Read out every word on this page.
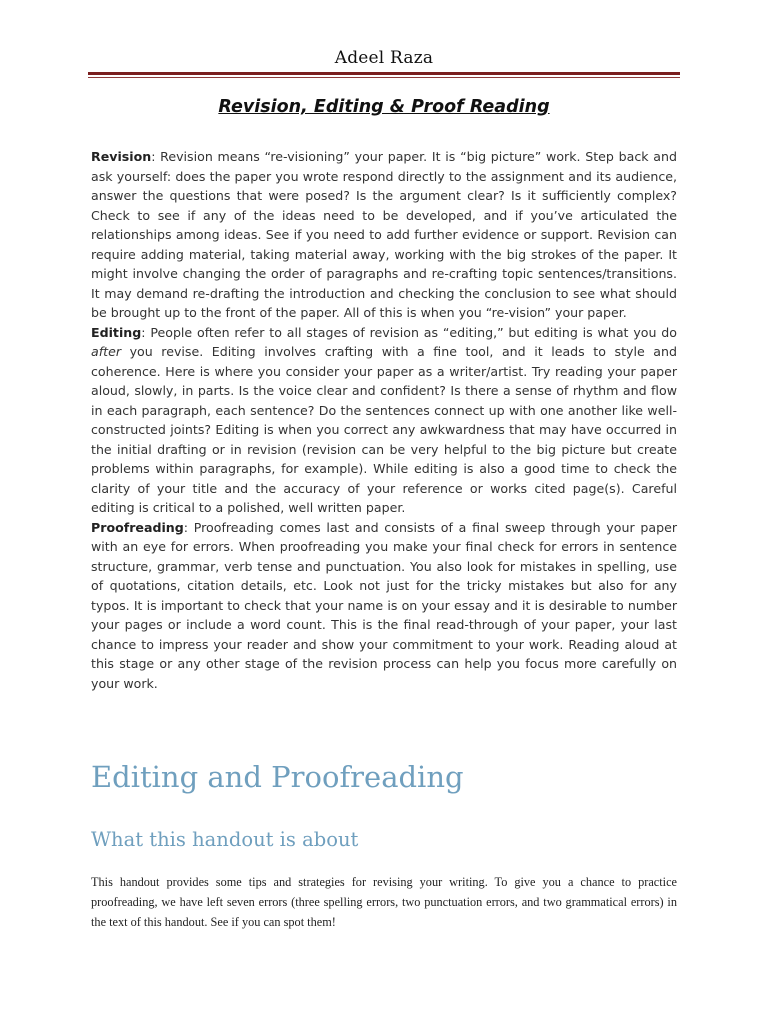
Adeel Raza
Revision, Editing & Proof Reading

Revision: Revision means “re-visioning” your paper. It is “big picture” work. Step back and ask yourself: does the paper you wrote respond directly to the assignment and its audience, answer the questions that were posed? Is the argument clear? Is it sufficiently complex? Check to see if any of the ideas need to be developed, and if you’ve articulated the relationships among ideas. See if you need to add further evidence or support. Revision can require adding material, taking material away, working with the big strokes of the paper. It might involve changing the order of paragraphs and re-crafting topic sentences/transitions. It may demand re-drafting the introduction and checking the conclusion to see what should be brought up to the front of the paper. All of this is when you “re-vision” your paper.

Editing: People often refer to all stages of revision as “editing,” but editing is what you do after you revise. Editing involves crafting with a fine tool, and it leads to style and coherence. Here is where you consider your paper as a writer/artist. Try reading your paper aloud, slowly, in parts. Is the voice clear and confident? Is there a sense of rhythm and flow in each paragraph, each sentence? Do the sentences connect up with one another like well-constructed joints? Editing is when you correct any awkwardness that may have occurred in the initial drafting or in revision (revision can be very helpful to the big picture but create problems within paragraphs, for example). While editing is also a good time to check the clarity of your title and the accuracy of your reference or works cited page(s). Careful editing is critical to a polished, well written paper.

Proofreading: Proofreading comes last and consists of a final sweep through your paper with an eye for errors. When proofreading you make your final check for errors in sentence structure, grammar, verb tense and punctuation. You also look for mistakes in spelling, use of quotations, citation details, etc. Look not just for the tricky mistakes but also for any typos. It is important to check that your name is on your essay and it is desirable to number your pages or include a word count. This is the final read-through of your paper, your last chance to impress your reader and show your commitment to your work. Reading aloud at this stage or any other stage of the revision process can help you focus more carefully on your work.

Editing and Proofreading
What this handout is about

This handout provides some tips and strategies for revising your writing. To give you a chance to practice proofreading, we have left seven errors (three spelling errors, two punctuation errors, and two grammatical errors) in the text of this handout. See if you can spot them!
